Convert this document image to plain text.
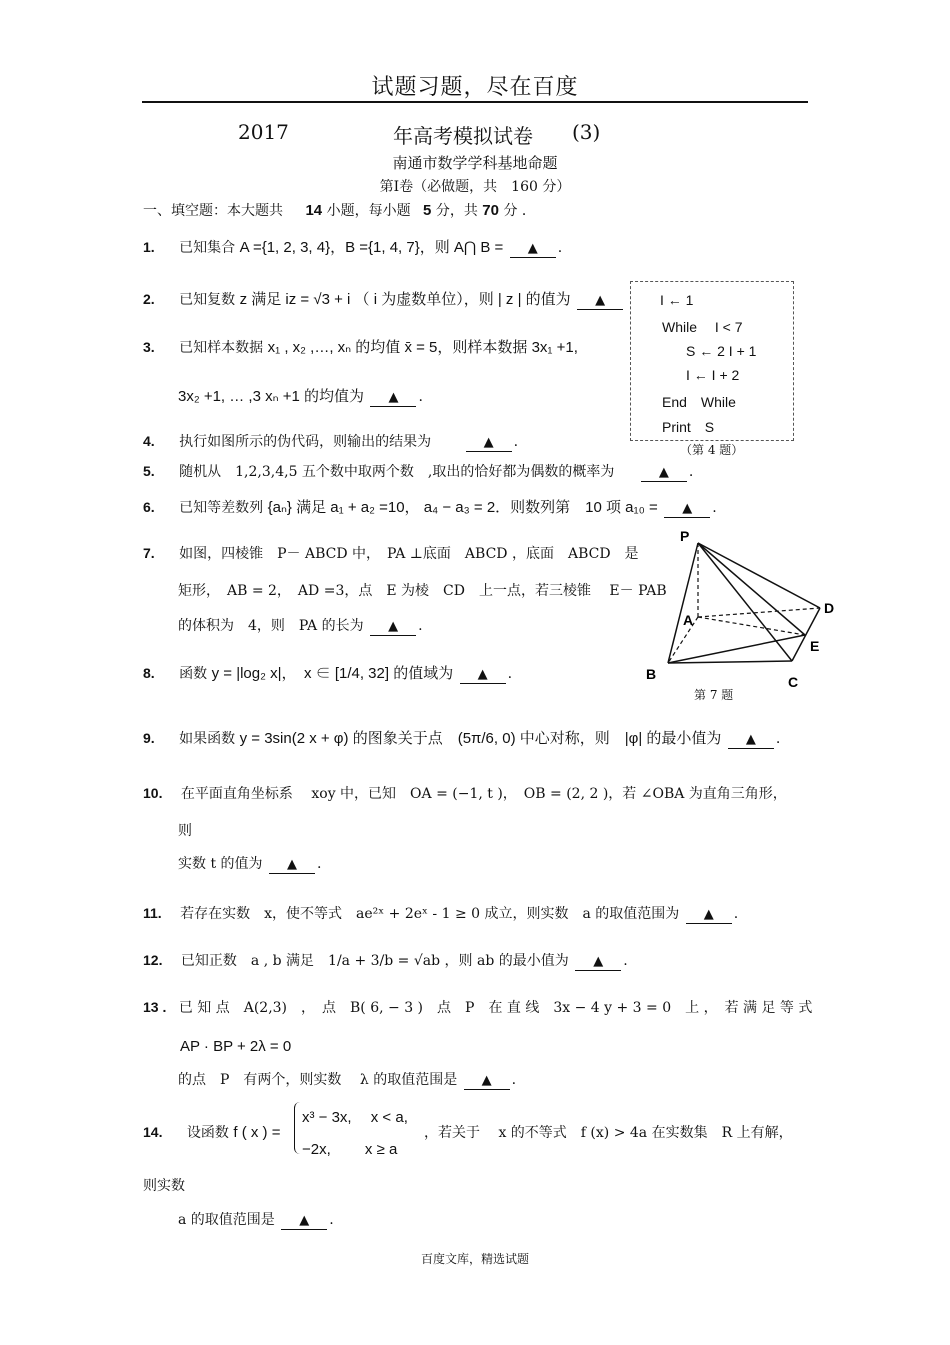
试题习题，尽在百度
2017	年高考模拟试卷 (3)
南通市数学学科基地命题
第Ⅰ卷（必做题，共　160 分）
一、填空题：本大题共 14 小题，每小题 5 分，共 70 分 ．
1. 已知集合 A ={1, 2, 3, 4}，B ={1, 4, 7}，则 A⋂ B = ▲ .
2. 已知复数 z 满足 iz = √3 + i （ i 为虚数单位），则 | z | 的值为 ▲	I ← 1
While　 I < 7
S ← 2 I + 1
I ← I + 2
End　While
Print　S
（第 4 题）
3. 已知样本数据 x₁ , x₂ ,…, xₙ 的均值 x̄ = 5，则样本数据 3x₁ +1,
3x₂ +1, … ,3 xₙ +1 的均值为 ▲ .
4. 执行如图所示的伪代码，则输出的结果为	▲ .
5. 随机从　1,2,3,4,5 五个数中取两个数　,取出的恰好都为偶数的概率为	▲ .
6. 已知等差数列 {aₙ} 满足 a₁ + a₂ =10， a₄ − a₃ = 2．则数列第　10 项 a₁₀ = ▲ .
7. 如图，四棱锥　P－ ABCD 中，　PA ⊥底面　ABCD ，底面　ABCD　是
矩形，　AB = 2，　AD =3，点　E 为棱　CD　上一点，若三棱锥　 E－ PAB
的体积为　4，则　PA 的长为 ▲ .
P
A
B	C
D
E
第 7 题
8. 函数 y = |log₂ x|，　x ∈ [1/4, 32] 的值域为 ▲ .
9. 如果函数 y = 3sin(2 x + φ) 的图象关于点　(5π/6, 0) 中心对称，则　|φ| 的最小值为 ▲ .
10. 在平面直角坐标系　 xoy 中，已知　OA = (−1, t )，　OB = (2, 2 )，若 ∠OBA 为直角三角形，
则
实数 t 的值为 ▲ .
11. 若存在实数　x，使不等式　ae²ˣ + 2eˣ - 1 ≥ 0 成立，则实数　a 的取值范围为 ▲ .
12. 已知正数　a , b 满足　1/a + 3/b = √ab ，则 ab 的最小值为 ▲ .
13 . 已 知 点　A(2,3)　，　点　B( 6, − 3 )　点　P　在 直 线　3x − 4 y + 3 = 0　上 ，　若 满 足 等 式
AP · BP + 2λ = 0
的点　P　有两个，则实数　 λ 的取值范围是 ▲ .
14. 设函数 f ( x ) =
x³ − 3x,　 x < a,
−2x,　　 x ≥ a
，若关于　 x 的不等式　f (x) > 4a 在实数集　R 上有解，
则实数
a 的取值范围是 ▲ .
百度文库，精选试题
